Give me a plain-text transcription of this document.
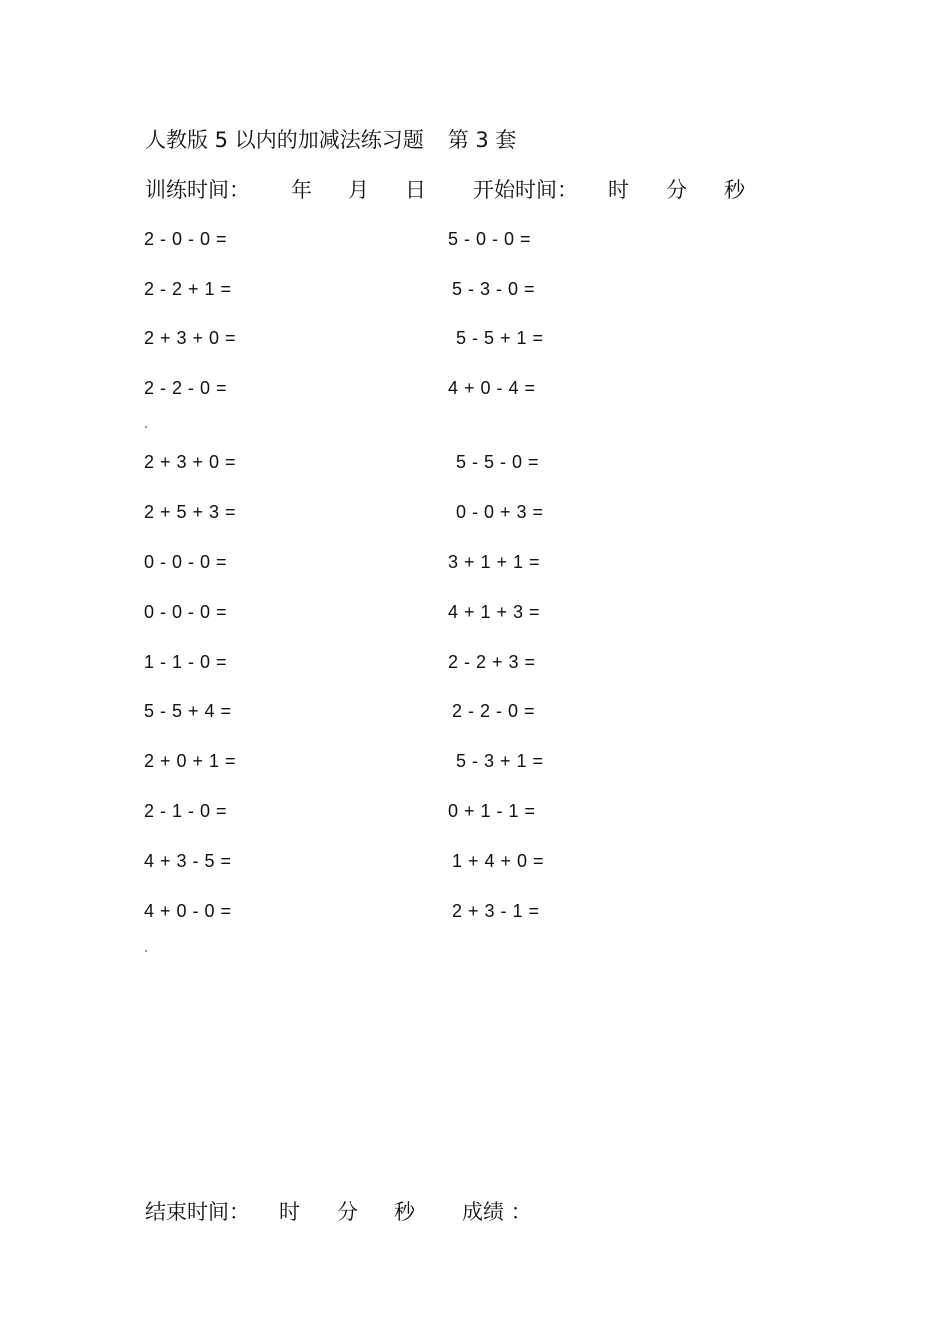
人教版 5 以内的加减法练习题 第 3 套
训练时间： 年 月 日 开始时间： 时 分 秒
2 - 0 - 0 =
2 - 2 + 1 =
2 + 3 + 0 =
2 - 2 - 0 =
2 + 3 + 0 =
2 + 5 + 3 =
0 - 0 - 0 =
0 - 0 - 0 =
1 - 1 - 0 =
5 - 5 + 4 =
2 + 0 + 1 =
2 - 1 - 0 =
4 + 3 - 5 =
4 + 0 - 0 =
5 - 0 - 0 =
5 - 3 - 0 =
5 - 5 + 1 =
4 + 0 - 4 =
5 - 5 - 0 =
0 - 0 + 3 =
3 + 1 + 1 =
4 + 1 + 3 =
2 - 2 + 3 =
2 - 2 - 0 =
5 - 3 + 1 =
0 + 1 - 1 =
1 + 4 + 0 =
2 + 3 - 1 =
结束时间： 时 分 秒 成绩 ：
